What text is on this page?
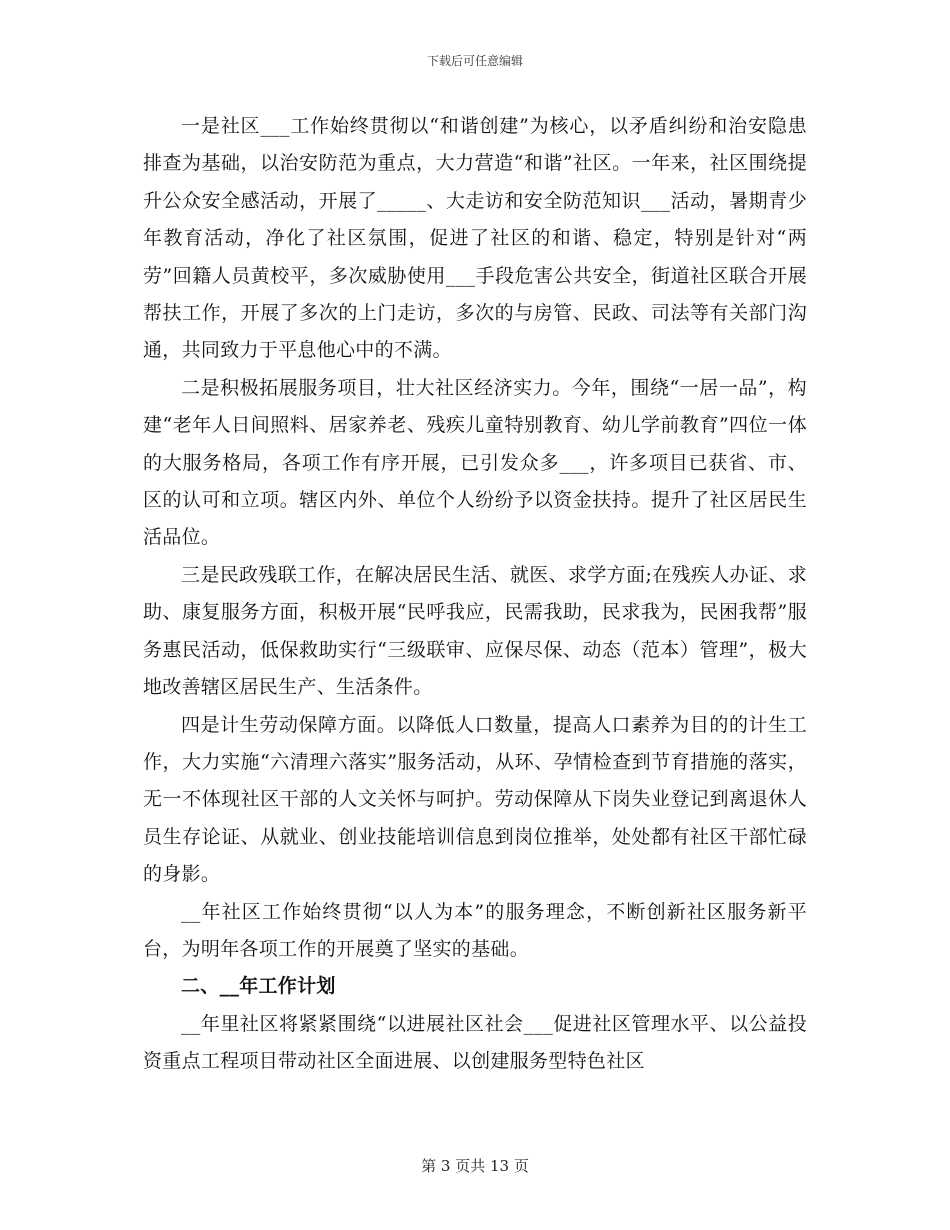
下载后可任意编辑

一是社区___工作始终贯彻以“和谐创建”为核心，以矛盾纠纷和治安隐患排查为基础，以治安防范为重点，大力营造“和谐”社区。一年来，社区围绕提升公众安全感活动，开展了_____、大走访和安全防范知识___活动，暑期青少年教育活动，净化了社区氛围，促进了社区的和谐、稳定，特别是针对“两劳”回籍人员黄校平，多次威胁使用___手段危害公共安全，街道社区联合开展帮扶工作，开展了多次的上门走访，多次的与房管、民政、司法等有关部门沟通，共同致力于平息他心中的不满。

二是积极拓展服务项目，壮大社区经济实力。今年，围绕“一居一品”，构建“老年人日间照料、居家养老、残疾儿童特别教育、幼儿学前教育”四位一体的大服务格局，各项工作有序开展，已引发众多___，许多项目已获省、市、区的认可和立项。辖区内外、单位个人纷纷予以资金扶持。提升了社区居民生活品位。

三是民政残联工作，在解决居民生活、就医、求学方面;在残疾人办证、求助、康复服务方面，积极开展“民呼我应，民需我助，民求我为，民困我帮”服务惠民活动，低保救助实行“三级联审、应保尽保、动态（范本）管理”，极大地改善辖区居民生产、生活条件。

四是计生劳动保障方面。以降低人口数量，提高人口素养为目的的计生工作，大力实施“六清理六落实”服务活动，从环、孕情检查到节育措施的落实，无一不体现社区干部的人文关怀与呵护。劳动保障从下岗失业登记到离退休人员生存论证、从就业、创业技能培训信息到岗位推举，处处都有社区干部忙碌的身影。

__年社区工作始终贯彻“以人为本”的服务理念，不断创新社区服务新平台，为明年各项工作的开展奠了坚实的基础。

二、__年工作计划

__年里社区将紧紧围绕“以进展社区社会___促进社区管理水平、以公益投资重点工程项目带动社区全面进展、以创建服务型特色社区

第 3 页共 13 页
